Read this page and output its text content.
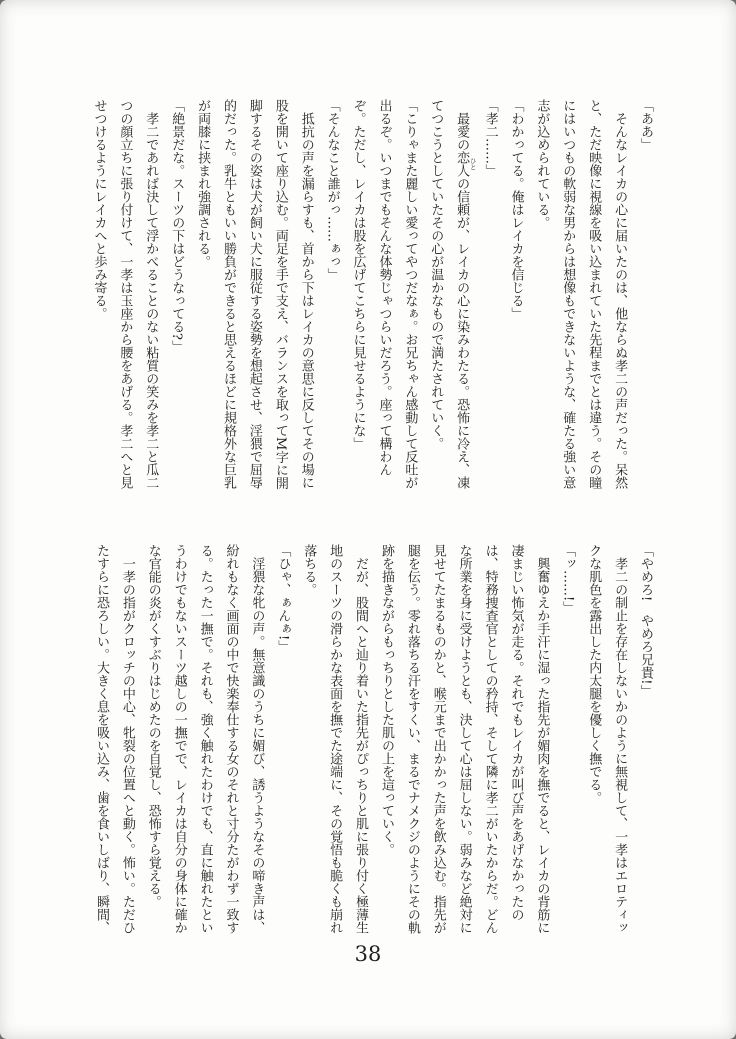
「ああ」
そんなレイカの心に届いたのは、他ならぬ孝二の声だった。呆然
と、ただ映像に視線を吸い込まれていた先程までとは違う。その瞳
にはいつもの軟弱な男からは想像もできないような、確たる強い意
志が込められている。
「わかってる。俺はレイカを信じる」
「孝二……」
最愛の恋人 ひとの信頼が、レイカの心に染みわたる。恐怖に冷え、凍
てつこうとしていたその心が温かなもので満たされていく。
「こりゃまた麗しい愛ってやつだなぁ。お兄ちゃん感動して反吐が
出るぞ。いつまでもそんな体勢じゃつらいだろう。座って構わん
ぞ。ただし、レイカは股を広げてこちらに見せるようにな」
「そんなこと誰がっ……ぁっ」
抵抗の声を漏らすも、首から下はレイカの意思に反してその場に
股を開いて座り込む。両足を手で支え、バランスを取ってM字に開
脚するその姿は犬が飼い犬に服従する姿勢を想起させ、淫猥で屈辱
的だった。乳牛ともいい勝負ができると思えるほどに規格外な巨乳
が両膝に挟まれ強調される。
「絶景だな。スーツの下はどうなってる?」
孝二であれば決して浮かべることのない粘質の笑みを孝二と瓜二
つの顔立ちに張り付けて、一孝は玉座から腰をあげる。孝二へと見
せつけるようにレイカへと歩み寄る。
「やめろ!　やめろ兄貴!」
孝二の制止を存在しないかのように無視して、一孝はエロティッ
クな肌色を露出した内太腿を優しく撫でる。
「ッ……!」
興奮ゆえか手汗に湿った指先が媚肉を撫でると、レイカの背筋に
凄まじい怖気が走る。それでもレイカが叫び声をあげなかったの
は、特務捜査官としての矜持、そして隣に孝二がいたからだ。どん
な所業を身に受けようとも、決して心は屈しない。弱みなど絶対に
見せてたまるものかと、喉元まで出かかった声を飲み込む。指先が
腿を伝う。零れ落ちる汗をすくい、まるでナメクジのようにその軌
跡を描きながらもっちりとした肌の上を這っていく。
だが、股間へと辿り着いた指先がぴっちりと肌に張り付く極薄生
地のスーツの滑らかな表面を撫でた途端に、その覚悟も脆くも崩れ
落ちる。
「ひゃ、ぁんぁ!」
淫猥な牝の声。無意識のうちに媚び、誘うようなその啼き声は、
紛れもなく画面の中で快楽奉仕する女のそれと寸分たがわず一致す
る。たった一撫で。それも、強く触れたわけでも、直に触れたとい
うわけでもないスーツ越しの一撫でで、レイカは自分の身体に確か
な官能の炎がくすぶりはじめたのを自覚し、恐怖すら覚える。
一孝の指がクロッチの中心、牝裂の位置へと動く。怖い。ただひ
たすらに恐ろしい。大きく息を吸い込み、歯を食いしばり、瞬間、
38
